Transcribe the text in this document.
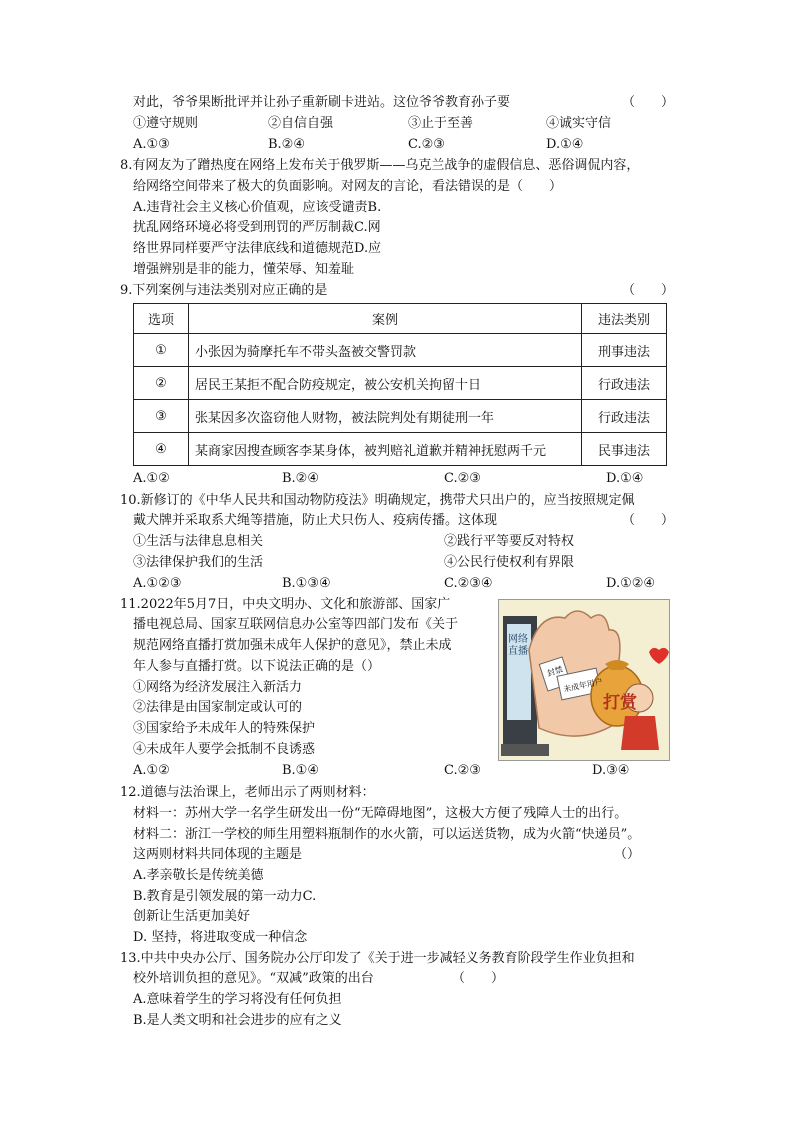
对此，爷爷果断批评并让孙子重新刷卡进站。这位爷爷教育孙子要	（　　）
①遵守规则	②自信自强	③止于至善	④诚实守信
A.①③	B.②④	C.②③	D.①④
8.有网友为了蹭热度在网络上发布关于俄罗斯——乌克兰战争的虚假信息、恶俗调侃内容，
给网络空间带来了极大的负面影响。对网友的言论，看法错误的是（　　）
A.违背社会主义核心价值观，应该受谴责B.
扰乱网络环境必将受到刑罚的严厉制裁C.网
络世界同样要严守法律底线和道德规范D.应
增强辨别是非的能力，懂荣辱、知羞耻
9.下列案例与违法类别对应正确的是	（　　）
选项	案例	违法类别
①	小张因为骑摩托车不带头盔被交警罚款	刑事违法
②	居民王某拒不配合防疫规定，被公安机关拘留十日	行政违法
③	张某因多次盗窃他人财物，被法院判处有期徒刑一年	行政违法
④	某商家因搜查顾客李某身体，被判赔礼道歉并精神抚慰两千元	民事违法
A.①②	B.②④	C.②③	D.①④
10.新修订的《中华人民共和国动物防疫法》明确规定，携带犬只出户的，应当按照规定佩
戴犬牌并采取系犬绳等措施，防止犬只伤人、疫病传播。这体现	（　　）
①生活与法律息息相关	②践行平等要反对特权
③法律保护我们的生活	④公民行使权利有界限
A.①②③	B.①③④	C.②③④	D.①②④
11.2022年5月7日，中央文明办、文化和旅游部、国家广
播电视总局、国家互联网信息办公室等四部门发布《关于
规范网络直播打赏加强未成年人保护的意见》，禁止未成
年人参与直播打赏。以下说法正确的是（）
①网络为经济发展注入新活力
②法律是由国家制定或认可的
③国家给予未成年人的特殊保护
④未成年人要学会抵制不良诱惑
A.①②	B.①④	C.②③	D.③④
网络直播
封禁
未成年用户
打赏
12.道德与法治课上，老师出示了两则材料：
材料一：苏州大学一名学生研发出一份“无障碍地图”，这极大方便了残障人士的出行。
材料二：浙江一学校的师生用塑料瓶制作的水火箭，可以运送货物，成为火箭“快递员”。
这两则材料共同体现的主题是	（）
A.孝亲敬长是传统美德
B.教育是引领发展的第一动力C.
创新让生活更加美好
D. 坚持，将进取变成一种信念
13.中共中央办公厅、国务院办公厅印发了《关于进一步减轻义务教育阶段学生作业负担和
校外培训负担的意见》。“双减”政策的出台	（　　）
A.意味着学生的学习将没有任何负担
B.是人类文明和社会进步的应有之义
